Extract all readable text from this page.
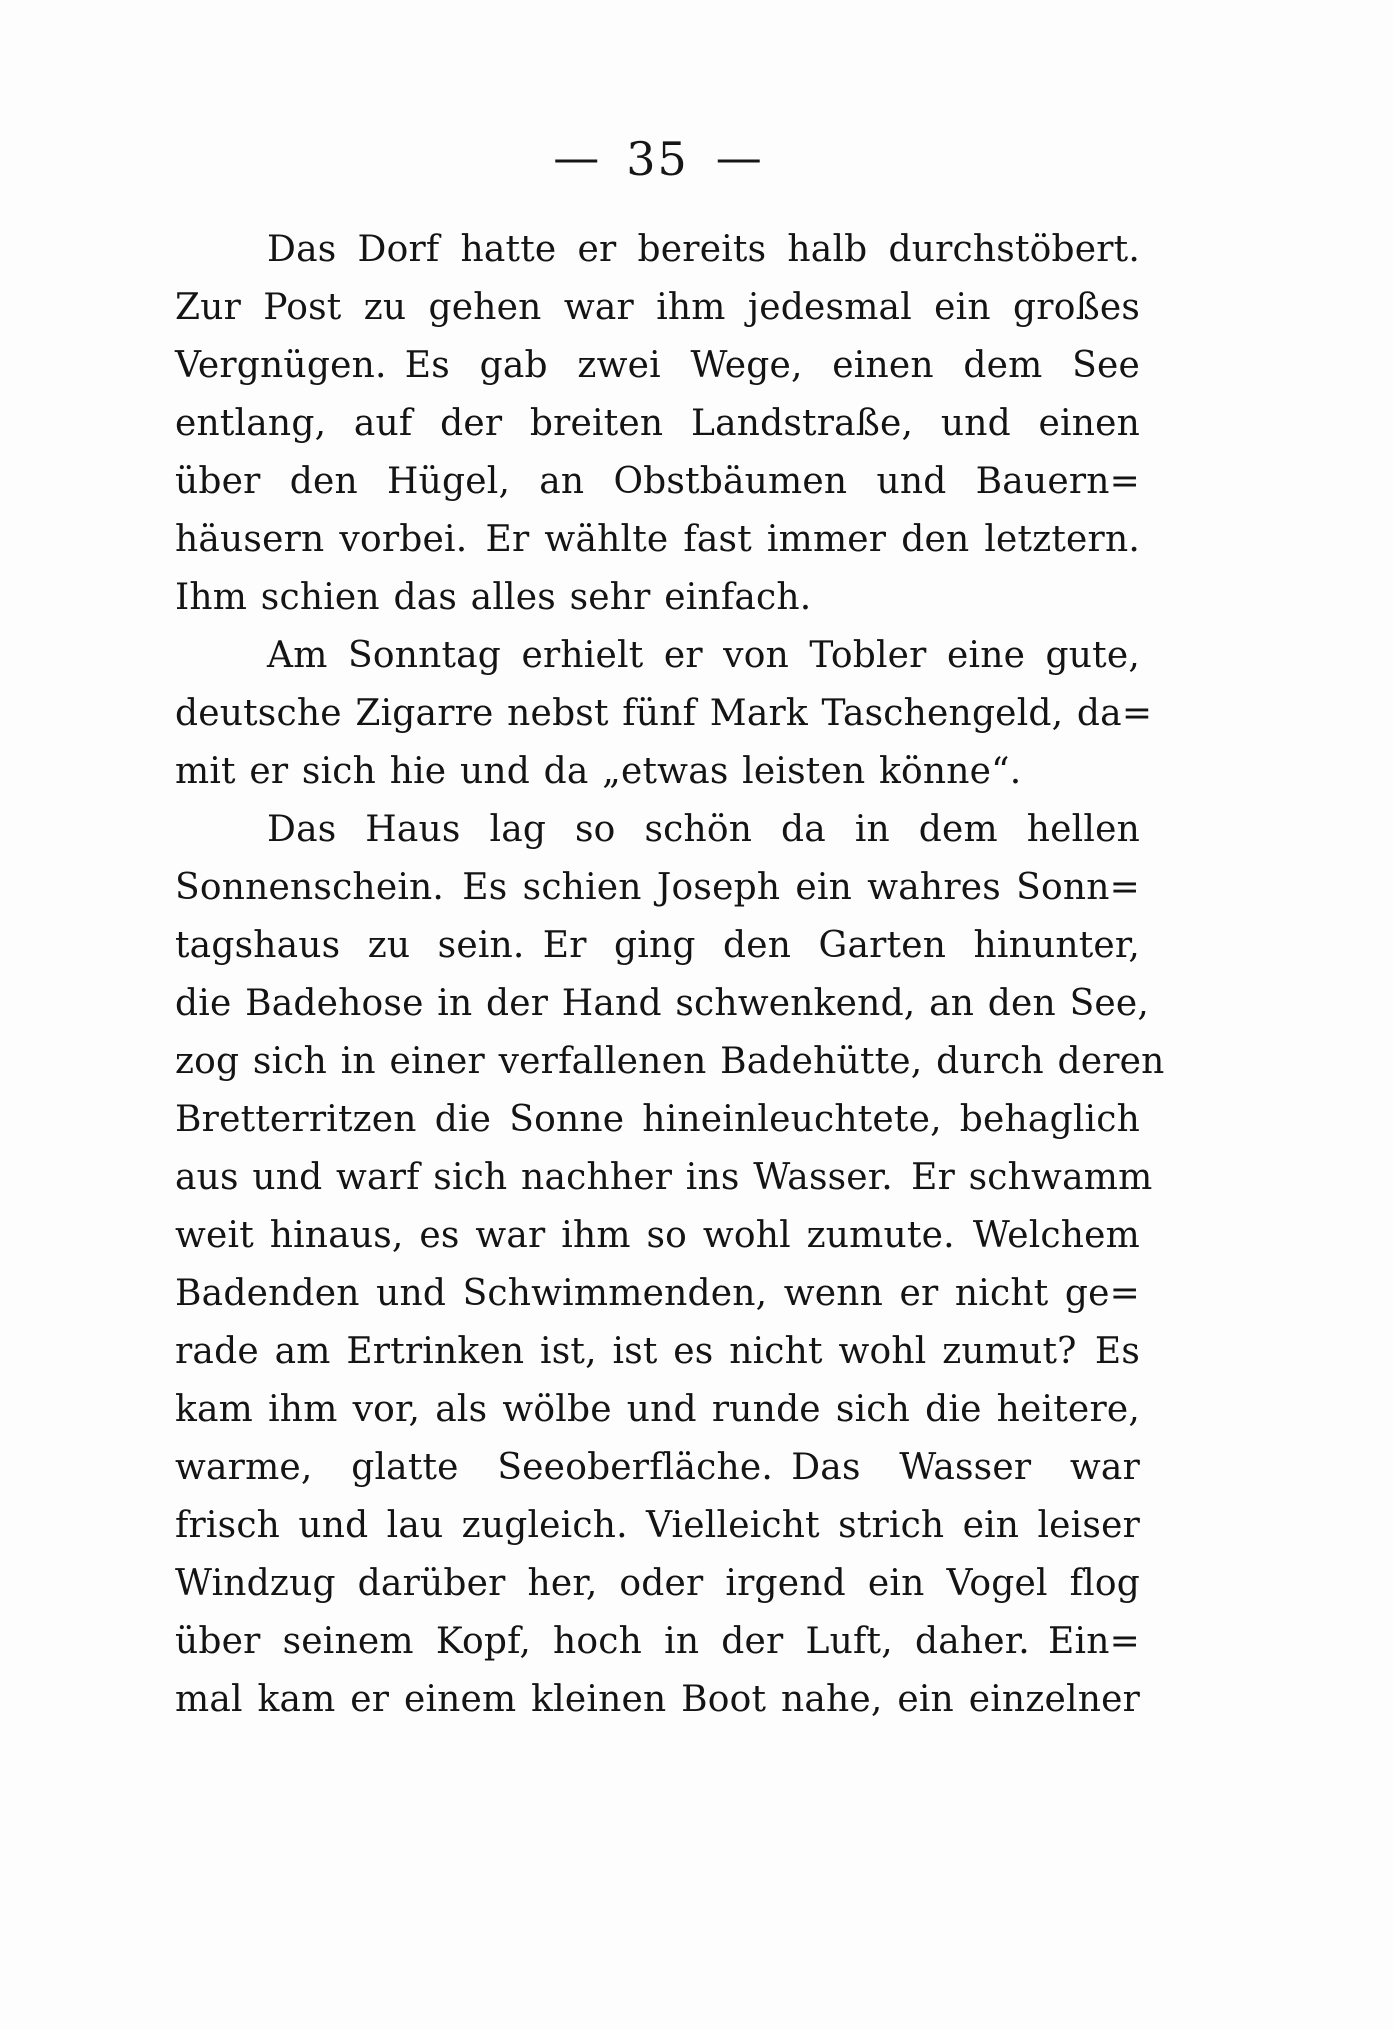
— 35 —
Das Dorf hatte er bereits halb durchstöbert.
Zur Post zu gehen war ihm jedesmal ein großes
Vergnügen. Es gab zwei Wege, einen dem See
entlang, auf der breiten Landstraße, und einen
über den Hügel, an Obstbäumen und Bauern=
häusern vorbei. Er wählte fast immer den letztern.
Ihm schien das alles sehr einfach.
Am Sonntag erhielt er von Tobler eine gute,
deutsche Zigarre nebst fünf Mark Taschengeld, da=
mit er sich hie und da „etwas leisten könne“.
Das Haus lag so schön da in dem hellen
Sonnenschein. Es schien Joseph ein wahres Sonn=
tagshaus zu sein. Er ging den Garten hinunter,
die Badehose in der Hand schwenkend, an den See,
zog sich in einer verfallenen Badehütte, durch deren
Bretterritzen die Sonne hineinleuchtete, behaglich
aus und warf sich nachher ins Wasser. Er schwamm
weit hinaus, es war ihm so wohl zumute. Welchem
Badenden und Schwimmenden, wenn er nicht ge=
rade am Ertrinken ist, ist es nicht wohl zumut? Es
kam ihm vor, als wölbe und runde sich die heitere,
warme, glatte Seeoberfläche. Das Wasser war
frisch und lau zugleich. Vielleicht strich ein leiser
Windzug darüber her, oder irgend ein Vogel flog
über seinem Kopf, hoch in der Luft, daher. Ein=
mal kam er einem kleinen Boot nahe, ein einzelner
